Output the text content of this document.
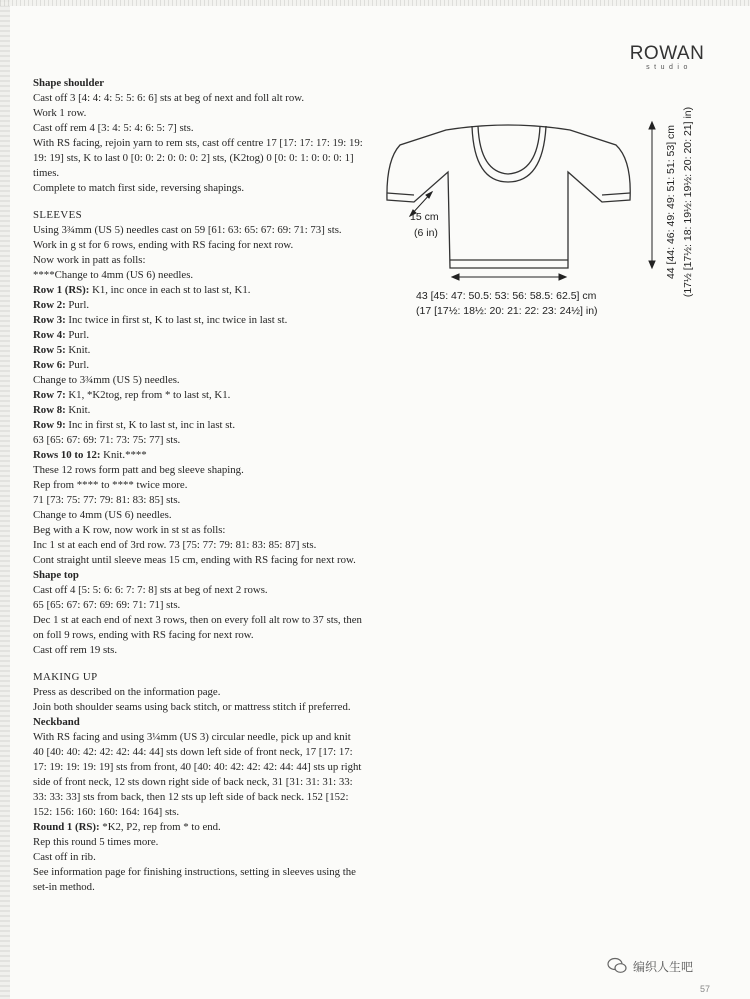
ROWAN
studio
Shape shoulder
Cast off 3 [4: 4: 4: 5: 5: 6: 6] sts at beg of next and foll alt row.
Work 1 row.
Cast off rem 4 [3: 4: 5: 4: 6: 5: 7] sts.
With RS facing, rejoin yarn to rem sts, cast off centre 17 [17: 17: 17: 19: 19: 19: 19] sts, K to last 0 [0: 0: 2: 0: 0: 0: 2] sts, (K2tog) 0 [0: 0: 1: 0: 0: 0: 1] times.
Complete to match first side, reversing shapings.
SLEEVES
Using 3¾mm (US 5) needles cast on 59 [61: 63: 65: 67: 69: 71: 73] sts.
Work in g st for 6 rows, ending with RS facing for next row.
Now work in patt as folls:
****Change to 4mm (US 6) needles.
Row 1 (RS): K1, inc once in each st to last st, K1.
Row 2: Purl.
Row 3: Inc twice in first st, K to last st, inc twice in last st.
Row 4: Purl.
Row 5: Knit.
Row 6: Purl.
Change to 3¾mm (US 5) needles.
Row 7: K1, *K2tog, rep from * to last st, K1.
Row 8: Knit.
Row 9: Inc in first st, K to last st, inc in last st.
63 [65: 67: 69: 71: 73: 75: 77] sts.
Rows 10 to 12: Knit.****
These 12 rows form patt and beg sleeve shaping.
Rep from **** to **** twice more.
71 [73: 75: 77: 79: 81: 83: 85] sts.
Change to 4mm (US 6) needles.
Beg with a K row, now work in st st as folls:
Inc 1 st at each end of 3rd row. 73 [75: 77: 79: 81: 83: 85: 87] sts.
Cont straight until sleeve meas 15 cm, ending with RS facing for next row.
Shape top
Cast off 4 [5: 5: 6: 6: 7: 7: 8] sts at beg of next 2 rows.
65 [65: 67: 67: 69: 69: 71: 71] sts.
Dec 1 st at each end of next 3 rows, then on every foll alt row to 37 sts, then on foll 9 rows, ending with RS facing for next row.
Cast off rem 19 sts.
MAKING UP
Press as described on the information page.
Join both shoulder seams using back stitch, or mattress stitch if preferred.
Neckband
With RS facing and using 3¼mm (US 3) circular needle, pick up and knit 40 [40: 40: 42: 42: 42: 44: 44] sts down left side of front neck, 17 [17: 17: 17: 19: 19: 19: 19] sts from front, 40 [40: 40: 42: 42: 42: 44: 44] sts up right side of front neck, 12 sts down right side of back neck, 31 [31: 31: 31: 33: 33: 33: 33] sts from back, then 12 sts up left side of back neck. 152 [152: 152: 156: 160: 160: 164: 164] sts.
Round 1 (RS): *K2, P2, rep from * to end.
Rep this round 5 times more.
Cast off in rib.
See information page for finishing instructions, setting in sleeves using the set-in method.
15 cm
(6 in)
43 [45: 47: 50.5: 53: 56: 58.5: 62.5] cm
(17 [17½: 18½: 20: 21: 22: 23: 24½] in)
44 [44: 46: 49: 49: 51: 51: 53] cm (17½ [17½: 18: 19½: 19½: 20: 20: 21] in)
编织人生吧
57
